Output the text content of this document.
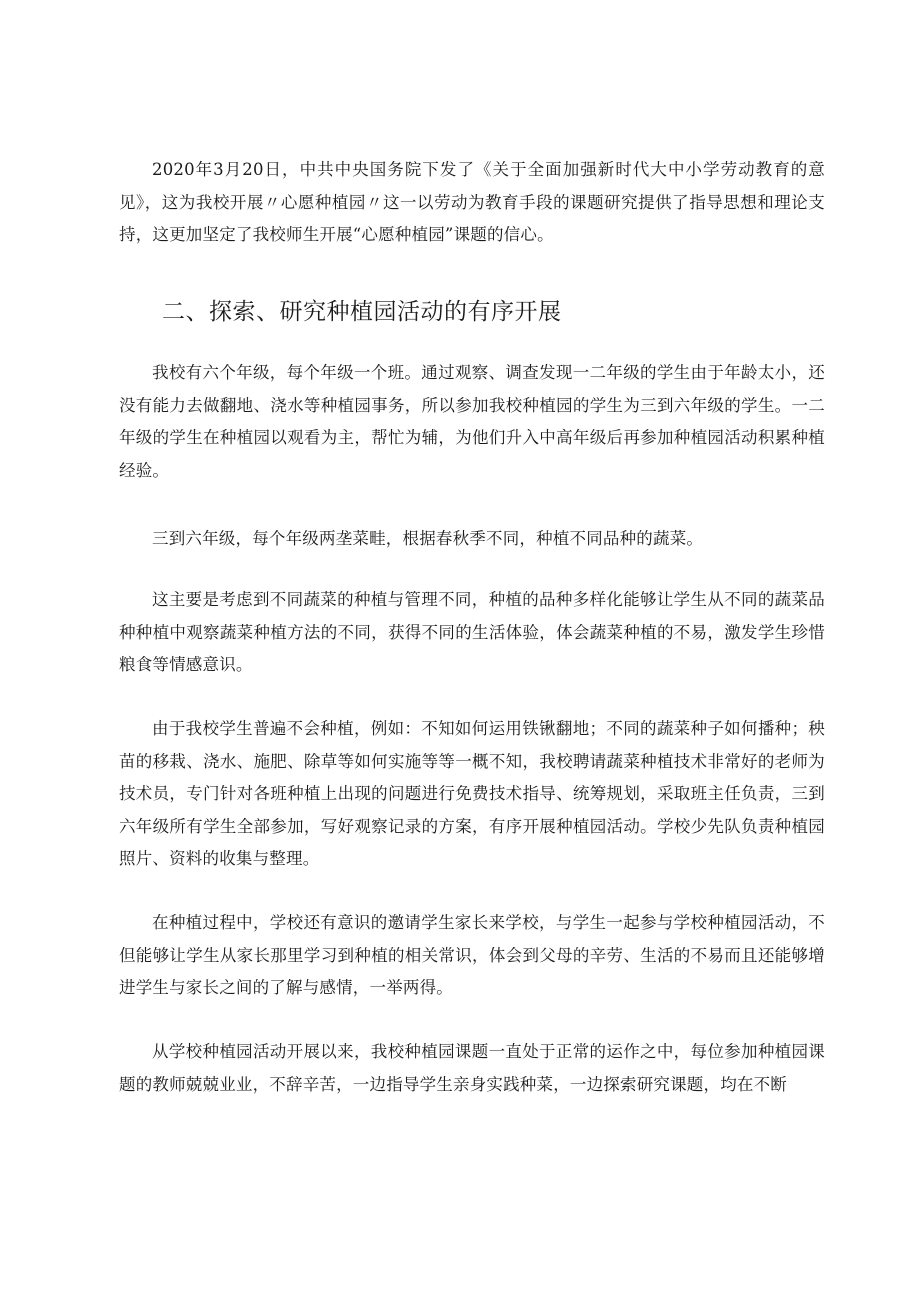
2020年3月20日，中共中央国务院下发了《关于全面加强新时代大中小学劳动教育的意见》，这为我校开展〃心愿种植园〃这一以劳动为教育手段的课题研究提供了指导思想和理论支持，这更加坚定了我校师生开展“心愿种植园”课题的信心。

二、探索、研究种植园活动的有序开展

我校有六个年级，每个年级一个班。通过观察、调查发现一二年级的学生由于年龄太小，还没有能力去做翻地、浇水等种植园事务，所以参加我校种植园的学生为三到六年级的学生。一二年级的学生在种植园以观看为主，帮忙为辅，为他们升入中高年级后再参加种植园活动积累种植经验。

三到六年级，每个年级两垄菜畦，根据春秋季不同，种植不同品种的蔬菜。

这主要是考虑到不同蔬菜的种植与管理不同，种植的品种多样化能够让学生从不同的蔬菜品种种植中观察蔬菜种植方法的不同，获得不同的生活体验，体会蔬菜种植的不易，激发学生珍惜粮食等情感意识。

由于我校学生普遍不会种植，例如：不知如何运用铁锹翻地；不同的蔬菜种子如何播种；秧苗的移栽、浇水、施肥、除草等如何实施等等一概不知，我校聘请蔬菜种植技术非常好的老师为技术员，专门针对各班种植上出现的问题进行免费技术指导、统筹规划，采取班主任负责，三到六年级所有学生全部参加，写好观察记录的方案，有序开展种植园活动。学校少先队负责种植园照片、资料的收集与整理。

在种植过程中，学校还有意识的邀请学生家长来学校，与学生一起参与学校种植园活动，不但能够让学生从家长那里学习到种植的相关常识，体会到父母的辛劳、生活的不易而且还能够增进学生与家长之间的了解与感情，一举两得。

从学校种植园活动开展以来，我校种植园课题一直处于正常的运作之中，每位参加种植园课题的教师兢兢业业，不辞辛苦，一边指导学生亲身实践种菜，一边探索研究课题，均在不断
